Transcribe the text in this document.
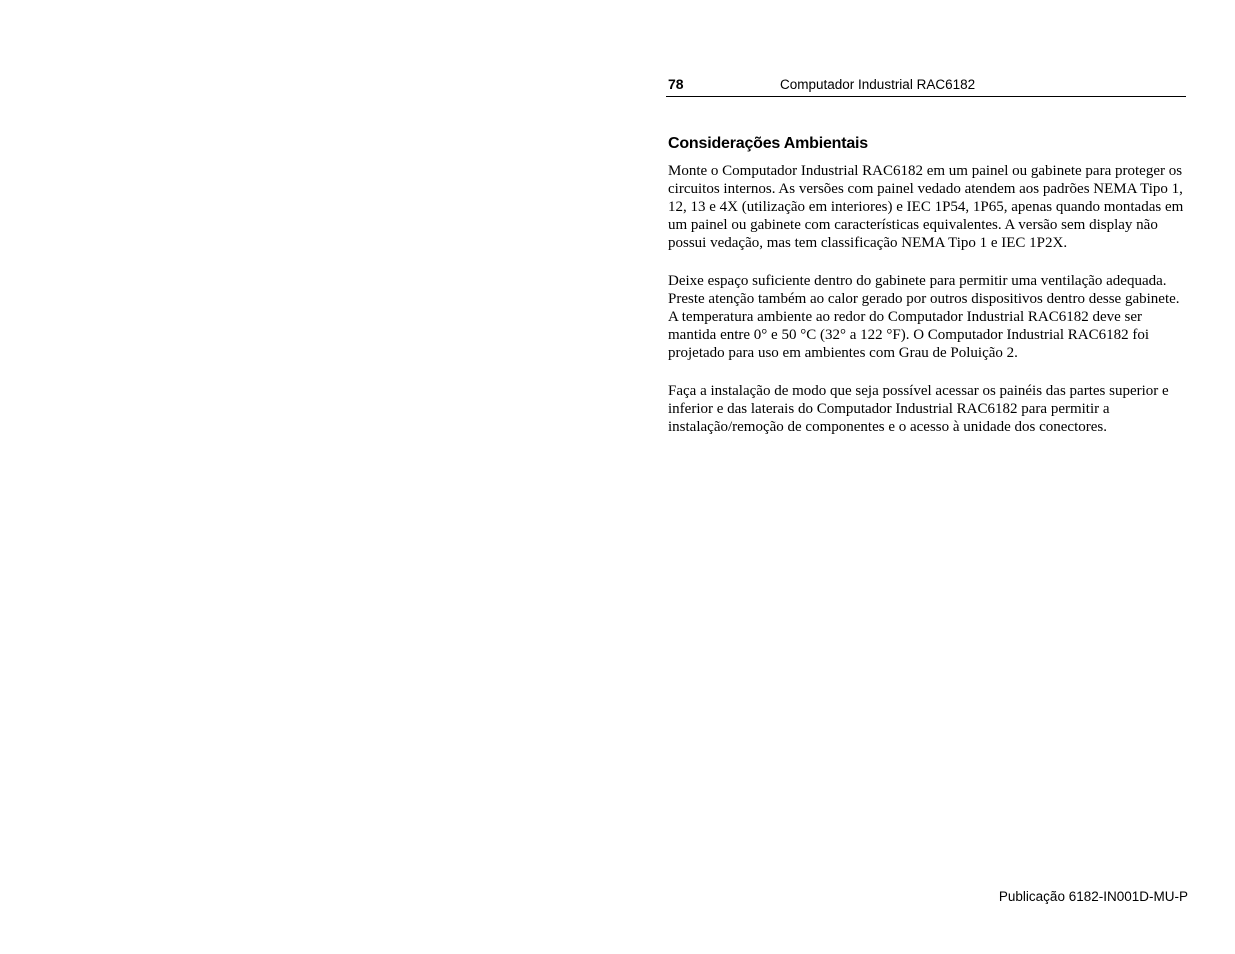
78	Computador Industrial RAC6182
Considerações Ambientais

Monte o Computador Industrial RAC6182 em um painel ou gabinete para proteger os circuitos internos. As versões com painel vedado atendem aos padrões NEMA Tipo 1, 12, 13 e 4X (utilização em interiores) e IEC 1P54, 1P65, apenas quando montadas em um painel ou gabinete com características equivalentes. A versão sem display não possui vedação, mas tem classificação NEMA Tipo 1 e IEC 1P2X.

Deixe espaço suficiente dentro do gabinete para permitir uma ventilação adequada. Preste atenção também ao calor gerado por outros dispositivos dentro desse gabinete. A temperatura ambiente ao redor do Computador Industrial RAC6182 deve ser mantida entre 0° e 50 °C (32° a 122 °F). O Computador Industrial RAC6182 foi projetado para uso em ambientes com Grau de Poluição 2.

Faça a instalação de modo que seja possível acessar os painéis das partes superior e inferior e das laterais do Computador Industrial RAC6182 para permitir a instalação/remoção de componentes e o acesso à unidade dos conectores.

Publicação 6182-IN001D-MU-P
